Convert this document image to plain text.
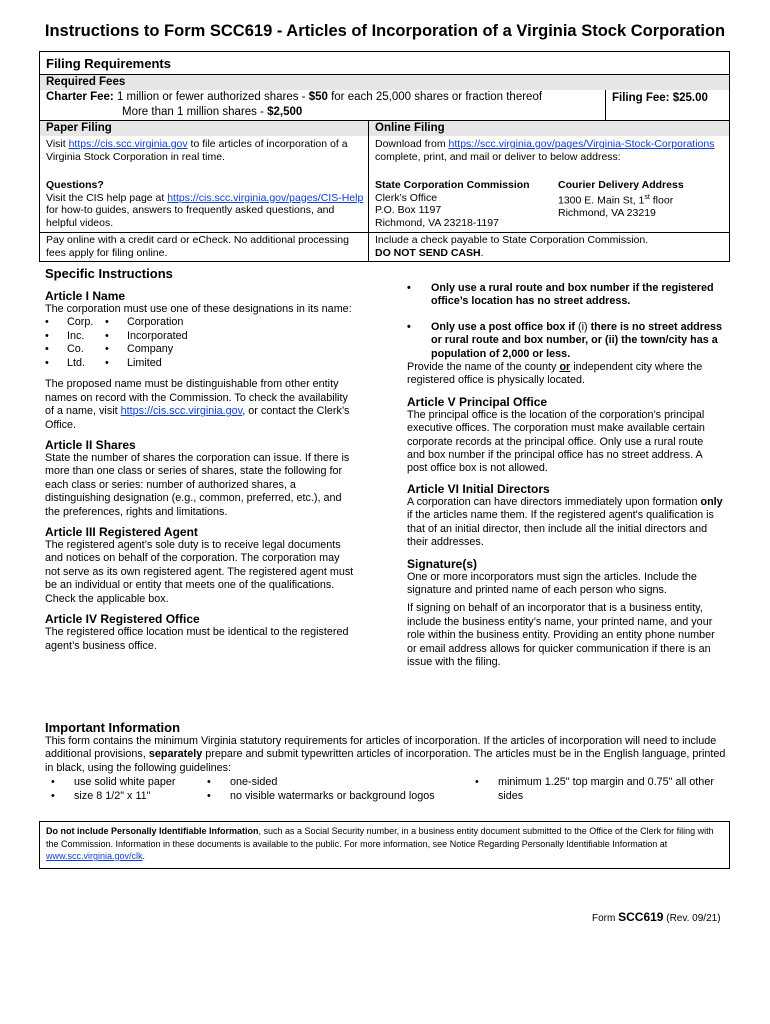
Instructions to Form SCC619 - Articles of Incorporation of a Virginia Stock Corporation
Filing Requirements
Required Fees
Charter Fee: 1 million or fewer authorized shares - $50 for each 25,000 shares or fraction thereof
More than 1 million shares - $2,500
Filing Fee: $25.00
Paper Filing	Online Filing
Visit https://cis.scc.virginia.gov to file articles of incorporation of a Virginia Stock Corporation in real time.
Questions?
Visit the CIS help page at https://cis.scc.virginia.gov/pages/CIS-Help for how-to guides, answers to frequently asked questions, and helpful videos.
Pay online with a credit card or eCheck. No additional processing fees apply for filing online.
Download from https://scc.virginia.gov/pages/Virginia-Stock-Corporations complete, print, and mail or deliver to below address:
State Corporation Commission
Clerk’s Office
P.O. Box 1197
Richmond, VA 23218-1197
Courier Delivery Address
1300 E. Main St, 1st floor
Richmond, VA 23219
Include a check payable to State Corporation Commission.
DO NOT SEND CASH.
Specific Instructions
Article I Name
The corporation must use one of these designations in its name:
• Corp.
• Inc.
• Co.
• Ltd.
• Corporation
• Incorporated
• Company
• Limited
The proposed name must be distinguishable from other entity names on record with the Commission. To check the availability of a name, visit https://cis.scc.virginia.gov, or contact the Clerk’s Office.
Article II Shares
State the number of shares the corporation can issue. If there is more than one class or series of shares, state the following for each class or series: number of authorized shares, a distinguishing designation (e.g., common, preferred, etc.), and the preferences, rights and limitations.
Article III Registered Agent
The registered agent’s sole duty is to receive legal documents and notices on behalf of the corporation. The corporation may not serve as its own registered agent. The registered agent must be an individual or entity that meets one of the qualifications. Check the applicable box.
Article IV Registered Office
The registered office location must be identical to the registered agent’s business office.
• Only use a rural route and box number if the registered office’s location has no street address.
• Only use a post office box if (i) there is no street address or rural route and box number, or (ii) the town/city has a population of 2,000 or less.
Provide the name of the county or independent city where the registered office is physically located.
Article V Principal Office
The principal office is the location of the corporation’s principal executive offices. The corporation must make available certain corporate records at the principal office. Only use a rural route and box number if the principal office has no street address. A post office box is not allowed.
Article VI Initial Directors
A corporation can have directors immediately upon formation only if the articles name them. If the registered agent's qualification is that of an initial director, then include all the initial directors and their addresses.
Signature(s)
One or more incorporators must sign the articles. Include the signature and printed name of each person who signs.
If signing on behalf of an incorporator that is a business entity, include the business entity’s name, your printed name, and your role within the business entity. Providing an entity phone number or email address allows for quicker communication if there is an issue with the filing.
Important Information
This form contains the minimum Virginia statutory requirements for articles of incorporation. If the articles of incorporation will need to include additional provisions, separately prepare and submit typewritten articles of incorporation. The articles must be in the English language, printed in black, using the following guidelines:
• use solid white paper
• size 8 1/2" x 11"
• one-sided
• no visible watermarks or background logos
• minimum 1.25" top margin and 0.75" all other sides
Do not include Personally Identifiable Information, such as a Social Security number, in a business entity document submitted to the Office of the Clerk for filing with the Commission. Information in these documents is available to the public. For more information, see Notice Regarding Personally Identifiable Information at www.scc.virginia.gov/clk.
Form SCC619 (Rev. 09/21)
